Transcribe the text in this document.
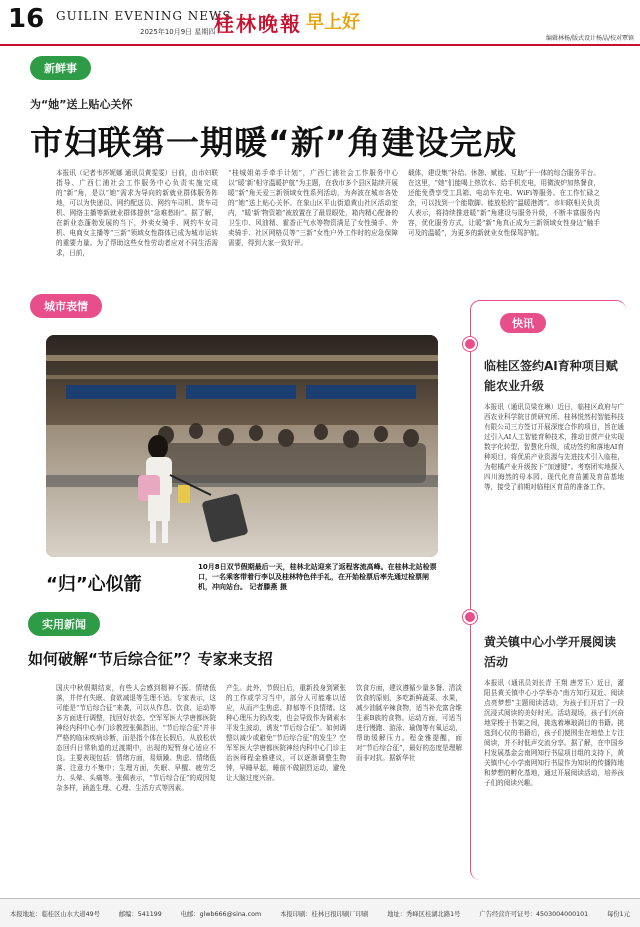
16 GUILIN EVENING NEWS
2025年10月9日 星期四
桂林晚報 早上好
编辑林杨/版式设计杨晶/校对覃镇
新鲜事
为“她”送上贴心关怀
市妇联第一期暖“新”角建设完成
本报讯（记者韦莎妮娜 通讯员黄雯雯）日前，由市妇联指导、广西仁浦社会工作服务中心负责实施完成的“新”角，是以“她”需求为导向的新就业群体服务阵地，可以为快递员、网约配送员、网约车司机、货车司机、网络主播等新就业群体提供“急难愁盼”。据了解，在新业态蓬勃发展的当下，外卖女骑手、网约车女司机、电商女主播等“三新”领域女性群体已成为城市运转的重要力量。为了帮助这些女性劳动者应对不同生活需求，日前，
“桂城姐弟手牵手计划”，广西仁浦社会工作服务中心以“暖‘新’相守温暖护航”为主题，在我市多个县区陆续开展暖“新”角关爱三新领域女性系列活动，为奔波在城市各处的“她”送上贴心关怀。在象山区平山街道黄山社区活动室内，“暖‘新’物资箱”被放置在了最显眼处，箱内精心配备的卫生巾、风油精、霍香正气水等物资满足了女性骑手、外卖骑手、社区网格员等“三新”女性户外工作时的应急保障需要，得到大家一致好评。
载体，建设集“补给、休憩、赋能、互助”于一体的综合服务平台。在这里，“她”们能喝上热饮水、给手机充电，用微波炉加热餐食，还能免费享受工具箱、电动车充电、WiFi等服务。在工作忙碌之余，可以找到一个能歇脚、能放松的“温暖港湾”。市妇联相关负责人表示，将持续推进暖“新”角建设与服务升级，不断丰富服务内容，优化服务方式，让暖“新”角真正成为三新领域女性身边“触手可及的温暖”，为更多的新就业女性保驾护航。
城市表情
“归”心似箭
10月8日双节假期最后一天，桂林北站迎来了返程客流高峰。在桂林北站检票口，一名乘客带着行李以及桂林特色伴手礼，在开始检票后率先通过检票闸机，冲向站台。 记者滕燕 摄
实用新闻
如何破解“节后综合征”？专家来支招
国庆中秋假期结束，有些人会感到精神不振、情绪低落，并伴有失眠、食欲减退等生理不适。专家表示，这可能是“节后综合征”来袭，可以从作息、饮食、运动等多方面进行调整，找回好状态。空军军医大学唐都医院神经内科中心李门诊教授张佩指出，“节后综合征”并非严格的临床疾病诊断，而是指个体在长假后，从放松状态回归日常轨道的过渡期中，出现的短暂身心适应不良。主要表现包括：情绪方面，易烦躁、焦虑、情绪低落、注意力不集中；生理方面，失眠、早醒、疲劳乏力、头晕、头痛等。张佩表示，“节后综合征”的成因复杂多样，涵盖生理、心理、生活方式等因素。
产生。此外，节假日后，重新投身到紧张的工作或学习当中，部分人可能难以适应，从而产生焦虑、抑郁等不良情绪。这种心理压力的改变，也会导致作为调素水平发生波动，诱发“节后综合征”。如何调整以减少或避免“节后综合征”的发生？空军军医大学唐都医院神经内科中心门诊主治医师程金雅建议，可以逐渐调整生物钟，早睡早起，睡前不做剧烈运动，避免让大脑过度兴奋。
饮食方面，建议遵循少量多餐、清淡饮食的原则，多吃新鲜蔬菜、水果，减少油腻辛辣食物，适当补充富含维生素B族的食物。运动方面，可适当进行慢跑、游泳、瑜伽等有氧运动，帮助缓解压力。程金雅提醒，面对“节后综合征”，最好的态度是理解而非对抗。据新华社
快讯
临桂区签约AI育种项目赋能农业升级
本报讯（通讯员梁在琳）近日，临桂区政府与广西农业科学院甘蔗研究所、桂林悦然村智能科技有限公司三方签订开展深度合作的项目，旨在通过引入AI人工智能育种技术，推动甘蔗产业实现数字化转型、智慧化升级，成功签约和落地AI育种项目，将优质产业资源与先进技术引入临桂，为柑橘产业升级按下“加速键”。考察团实地探入四川海然的母本园、现代化育苗圃及育苗基地等，接受了前期对临桂区育苗的准备工作。
黄关镇中心小学开展阅读活动
本报讯（通讯员刘长青 王翔 唐芳玉）近日，灌阳县黄关镇中心小学举办“南方知行双近、阅读点亮梦想”主题阅读活动，为孩子们开启了一段沉浸式阅读的美好时光。活动现场，孩子们兴奋地穿梭于书架之间，挑选着琳琅满目的书籍。挑选到心仪的书籍后，孩子们便围坐在地垫上专注阅读，并不时低声交流分享。据了解，在中国乡村发展基金会南网知行书屋项目组的支持下，黄关镇中心小学南网知行书屋作为知识的传播阵地和梦想的孵化基地，通过开展阅读活动，培养孩子们的阅读兴趣。
本报地址：临桂区山水大道49号	邮编：541199	电邮：glwb666@sina.com	本报印刷：桂林日报印刷厂印刷	地址：秀峰区桂湖北路1号	广告经营许可证号：4503004000101	每份1元
